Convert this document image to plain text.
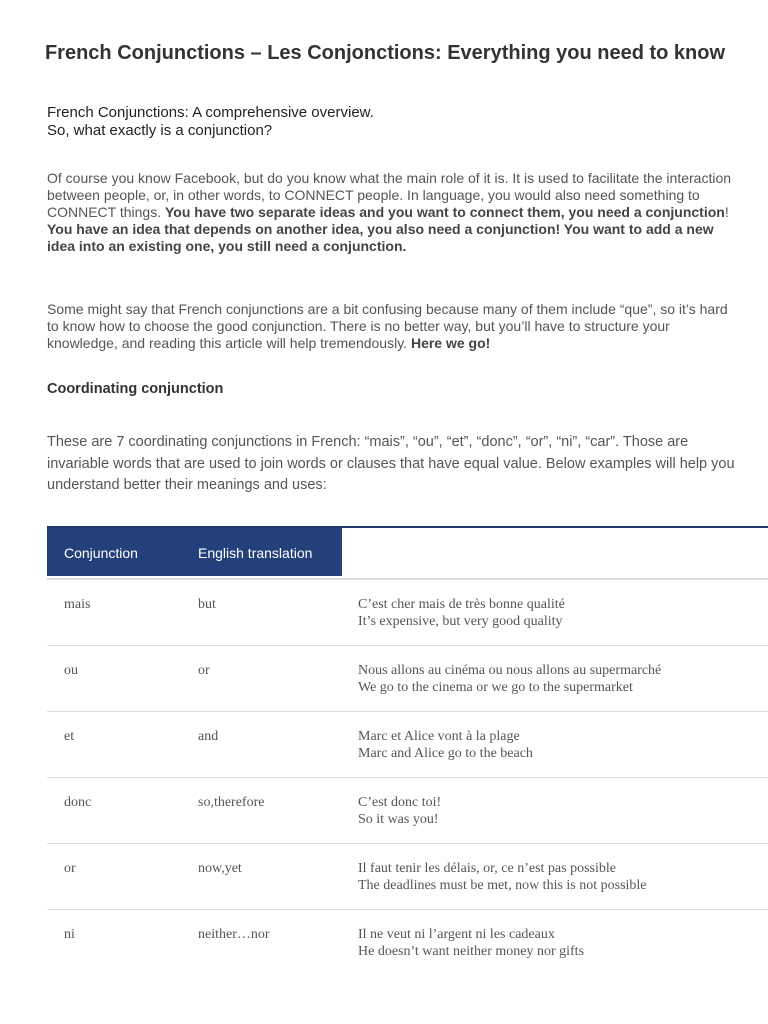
French Conjunctions – Les Conjonctions: Everything you need to know
French Conjunctions: A comprehensive overview.
So, what exactly is a conjunction?

Of course you know Facebook, but do you know what the main role of it is. It is used to facilitate the interaction between people, or, in other words, to CONNECT people. In language, you would also need something to CONNECT things. You have two separate ideas and you want to connect them, you need a conjunction! You have an idea that depends on another idea, you also need a conjunction! You want to add a new idea into an existing one, you still need a conjunction.

Some might say that French conjunctions are a bit confusing because many of them include “que”, so it’s hard to know how to choose the good conjunction. There is no better way, but you’ll have to structure your knowledge, and reading this article will help tremendously. Here we go!

Coordinating conjunction

These are 7 coordinating conjunctions in French: “mais”, “ou”, “et”, “donc”, “or”, “ni”, “car”. Those are invariable words that are used to join words or clauses that have equal value. Below examples will help you understand better their meanings and uses:

Conjunction	English translation
mais	but	C’est cher mais de très bonne qualité
It’s expensive, but very good quality
ou	or	Nous allons au cinéma ou nous allons au supermarché
We go to the cinema or we go to the supermarket
et	and	Marc et Alice vont à la plage
Marc and Alice go to the beach
donc	so,therefore	C’est donc toi!
So it was you!
or	now,yet	Il faut tenir les délais, or, ce n’est pas possible
The deadlines must be met, now this is not possible
ni	neither…nor	Il ne veut ni l’argent ni les cadeaux
He doesn’t want neither money nor gifts
